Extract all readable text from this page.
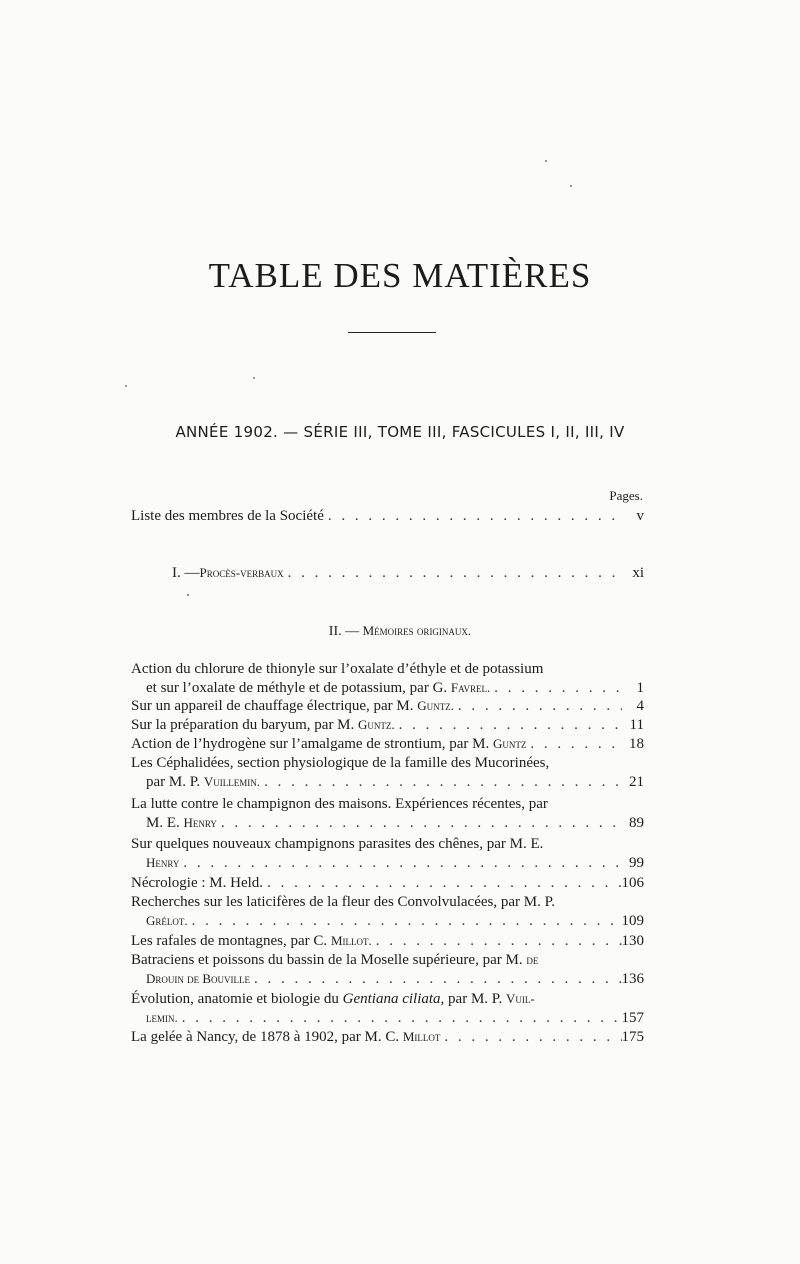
TABLE DES MATIÈRES
ANNÉE 1902. — SÉRIE III, TOME III, FASCICULES I, II, III, IV
Pages.
Liste des membres de la Société . . .	v
I. — Procès-verbaux . . .	xi
II. — Mémoires originaux.
Action du chlorure de thionyle sur l’oxalate d’éthyle et de potassium
et sur l’oxalate de méthyle et de potassium, par G.
Favrel. . . .	1
Sur un appareil de chauffage électrique, par M.
Guntz. . . .	4
Sur la préparation du baryum, par M.
Guntz. . . .	11
Action de l’hydrogène sur l’amalgame de strontium, par M.
Guntz . . .	18
Les Céphalidées, section physiologique de la famille des Mucorinées,
par M. P.
Vuillemin. . . .	21
La lutte contre le champignon des maisons. Expériences récentes, par
M. E.
Henry . . .	89
Sur quelques nouveaux champignons parasites des chênes, par M. E.
Henry . . .	99
Nécrologie : M. Held. . . .	106
Recherches sur les laticifères de la fleur des Convolvulacées, par M. P.
Grélot. . . .	109
Les rafales de montagnes, par C.
Millot. . . .	130
Batraciens et poissons du bassin de la Moselle supérieure, par M.
de
Drouin de Bouville . . .	136
Évolution, anatomie et biologie du
Gentiana ciliata,
par M. P.
Vuil-
lemin. . . .	157
La gelée à Nancy, de 1878 à 1902, par M. C.
Millot . . .	175
